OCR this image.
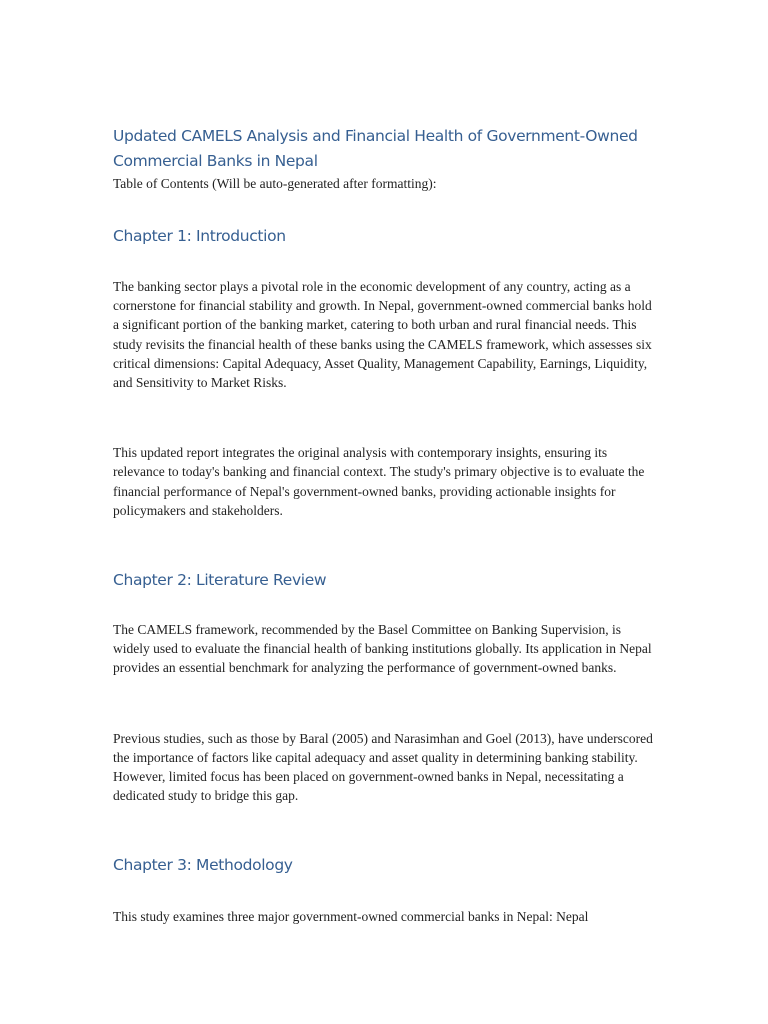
Updated CAMELS Analysis and Financial Health of Government-Owned Commercial Banks in Nepal

Table of Contents (Will be auto-generated after formatting):

Chapter 1: Introduction

The banking sector plays a pivotal role in the economic development of any country, acting as a cornerstone for financial stability and growth. In Nepal, government-owned commercial banks hold a significant portion of the banking market, catering to both urban and rural financial needs. This study revisits the financial health of these banks using the CAMELS framework, which assesses six critical dimensions: Capital Adequacy, Asset Quality, Management Capability, Earnings, Liquidity, and Sensitivity to Market Risks.

This updated report integrates the original analysis with contemporary insights, ensuring its relevance to today's banking and financial context. The study's primary objective is to evaluate the financial performance of Nepal's government-owned banks, providing actionable insights for policymakers and stakeholders.

Chapter 2: Literature Review

The CAMELS framework, recommended by the Basel Committee on Banking Supervision, is widely used to evaluate the financial health of banking institutions globally. Its application in Nepal provides an essential benchmark for analyzing the performance of government-owned banks.

Previous studies, such as those by Baral (2005) and Narasimhan and Goel (2013), have underscored the importance of factors like capital adequacy and asset quality in determining banking stability. However, limited focus has been placed on government-owned banks in Nepal, necessitating a dedicated study to bridge this gap.

Chapter 3: Methodology

This study examines three major government-owned commercial banks in Nepal: Nepal
